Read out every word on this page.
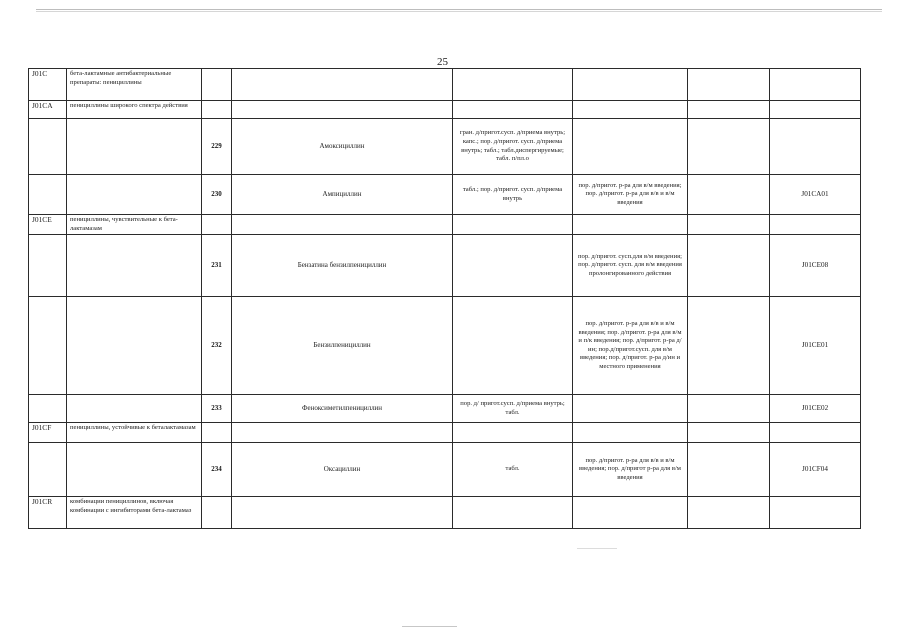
25
J01C	бета-лактамные антибактериальные препараты: пенициллины						
J01CA	пенициллины широкого спектра действия						
		229	Амоксициллин	гран. д/пригот.сусп. д/приема внутрь; капс.; пор. д/пригот. сусп. д/приема внутрь; табл.; табл.диспергируемые; табл. п/пл.о			
		230	Ампициллин	табл.; пор. д/пригот. сусп. д/приема внутрь	пор. д/пригот. р-ра для в/м введения; пор. д/пригот. р-ра для в/в и в/м введения		J01CA01
J01CE	пенициллины, чувствительные к бета-лактамазам						
		231	Бензатина бензилпенициллин		пор. д/пригот. сусп.для в/м введения; пор. д/пригот. сусп. для в/м введения пролонгированного действия		J01CE08
		232	Бензилпенициллин		пор. д/пригот. р-ра для в/в и в/м введения; пор. д/пригот. р-ра для в/м и п/к введения; пор. д/пригот. р-ра д/ин; пор.д/пригот.сусп. для в/м введения; пор. д/пригот. р-ра д/ин и местного применения		J01CE01
		233	Феноксиметилпенициллин	пор. д/ пригот.сусп. д/приема внутрь; табл.			J01CE02
J01CF	пенициллины, устойчивые к беталактамазам						
		234	Оксациллин	табл.	пор. д/пригот. р-ра для в/в и в/м введения; пор. д/пригот р-ра для в/м введения		J01CF04
J01CR	комбинации пенициллинов, включая комбинации с ингибиторами бета-лактамаз						
